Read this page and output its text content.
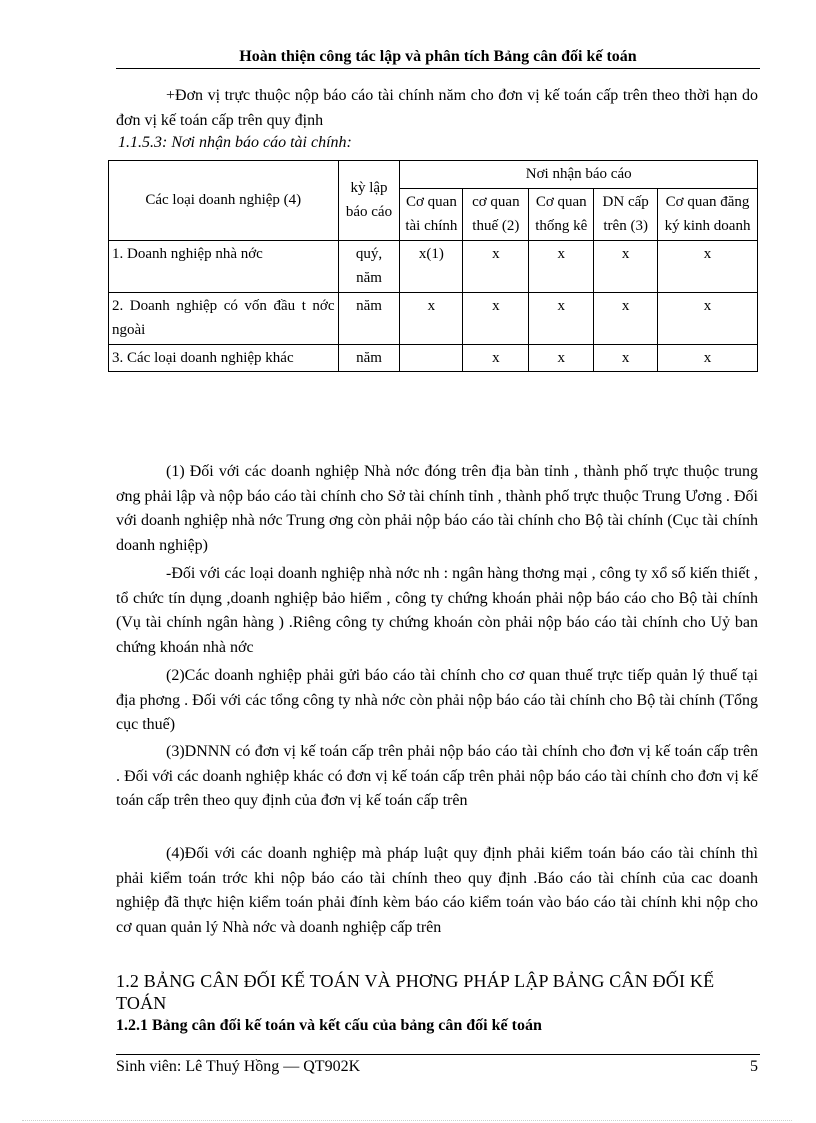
Hoàn thiện công tác lập và phân tích Bảng cân đối kế toán
+Đơn vị trực thuộc nộp báo cáo tài chính năm cho đơn vị kế toán cấp trên theo thời hạn do đơn vị kế toán cấp trên quy định
1.1.5.3: Nơi nhận báo cáo tài chính:
Các loại doanh nghiệp (4)	kỳ lập báo cáo	Nơi nhận báo cáo				
		Cơ quan tài chính	cơ quan thuế (2)	Cơ quan thống kê	DN cấp trên (3)	Cơ quan đăng ký kinh doanh
1. Doanh nghiệp nhà nớc	quý, năm	x(1)	x	x	x	x
2. Doanh nghiệp có vốn đầu t nớc ngoài	năm	x	x	x	x	x
3. Các loại doanh nghiệp khác	năm		x	x	x	x
(1) Đối với các doanh nghiệp Nhà nớc đóng trên địa bàn tỉnh , thành phố trực thuộc trung ơng phải lập và nộp báo cáo tài chính cho Sở tài chính tỉnh , thành phố trực thuộc Trung Ương . Đối với doanh nghiệp nhà nớc Trung ơng còn phải nộp báo cáo tài chính cho Bộ tài chính (Cục tài chính doanh nghiệp)
-Đối với các loại doanh nghiệp nhà nớc nh : ngân hàng thơng mại , công ty xổ số kiến thiết , tổ chức tín dụng ,doanh nghiệp bảo hiểm , công ty chứng khoán phải nộp báo cáo cho Bộ tài chính (Vụ tài chính ngân hàng ) .Riêng công ty chứng khoán còn phải nộp báo cáo tài chính cho Uỷ ban chứng khoán nhà nớc
(2)Các doanh nghiệp phải gửi báo cáo tài chính cho cơ quan thuế trực tiếp quản lý thuế tại địa phơng . Đối với các tổng công ty nhà nớc còn phải nộp báo cáo tài chính cho Bộ tài chính (Tổng cục thuế)
(3)DNNN có đơn vị kế toán cấp trên phải nộp báo cáo tài chính cho đơn vị kế toán cấp trên . Đối với các doanh nghiệp khác có đơn vị kế toán cấp trên phải nộp báo cáo tài chính cho đơn vị kế toán cấp trên theo quy định của đơn vị kế toán cấp trên
(4)Đối với các doanh nghiệp mà pháp luật quy định phải kiểm toán báo cáo tài chính thì phải kiểm toán trớc khi nộp báo cáo tài chính theo quy định .Báo cáo tài chính của cac doanh nghiệp đã thực hiện kiểm toán phải đính kèm báo cáo kiểm toán vào báo cáo tài chính khi nộp cho cơ quan quản lý Nhà nớc và doanh nghiệp cấp trên
1.2 BẢNG CÂN ĐỐI KẾ TOÁN VÀ PHƠNG PHÁP LẬP BẢNG CÂN ĐỐI KẾ TOÁN
1.2.1 Bảng cân đối kế toán và kết cấu của bảng cân đối kế toán
Sinh viên: Lê Thuý Hồng — QT902K	5
